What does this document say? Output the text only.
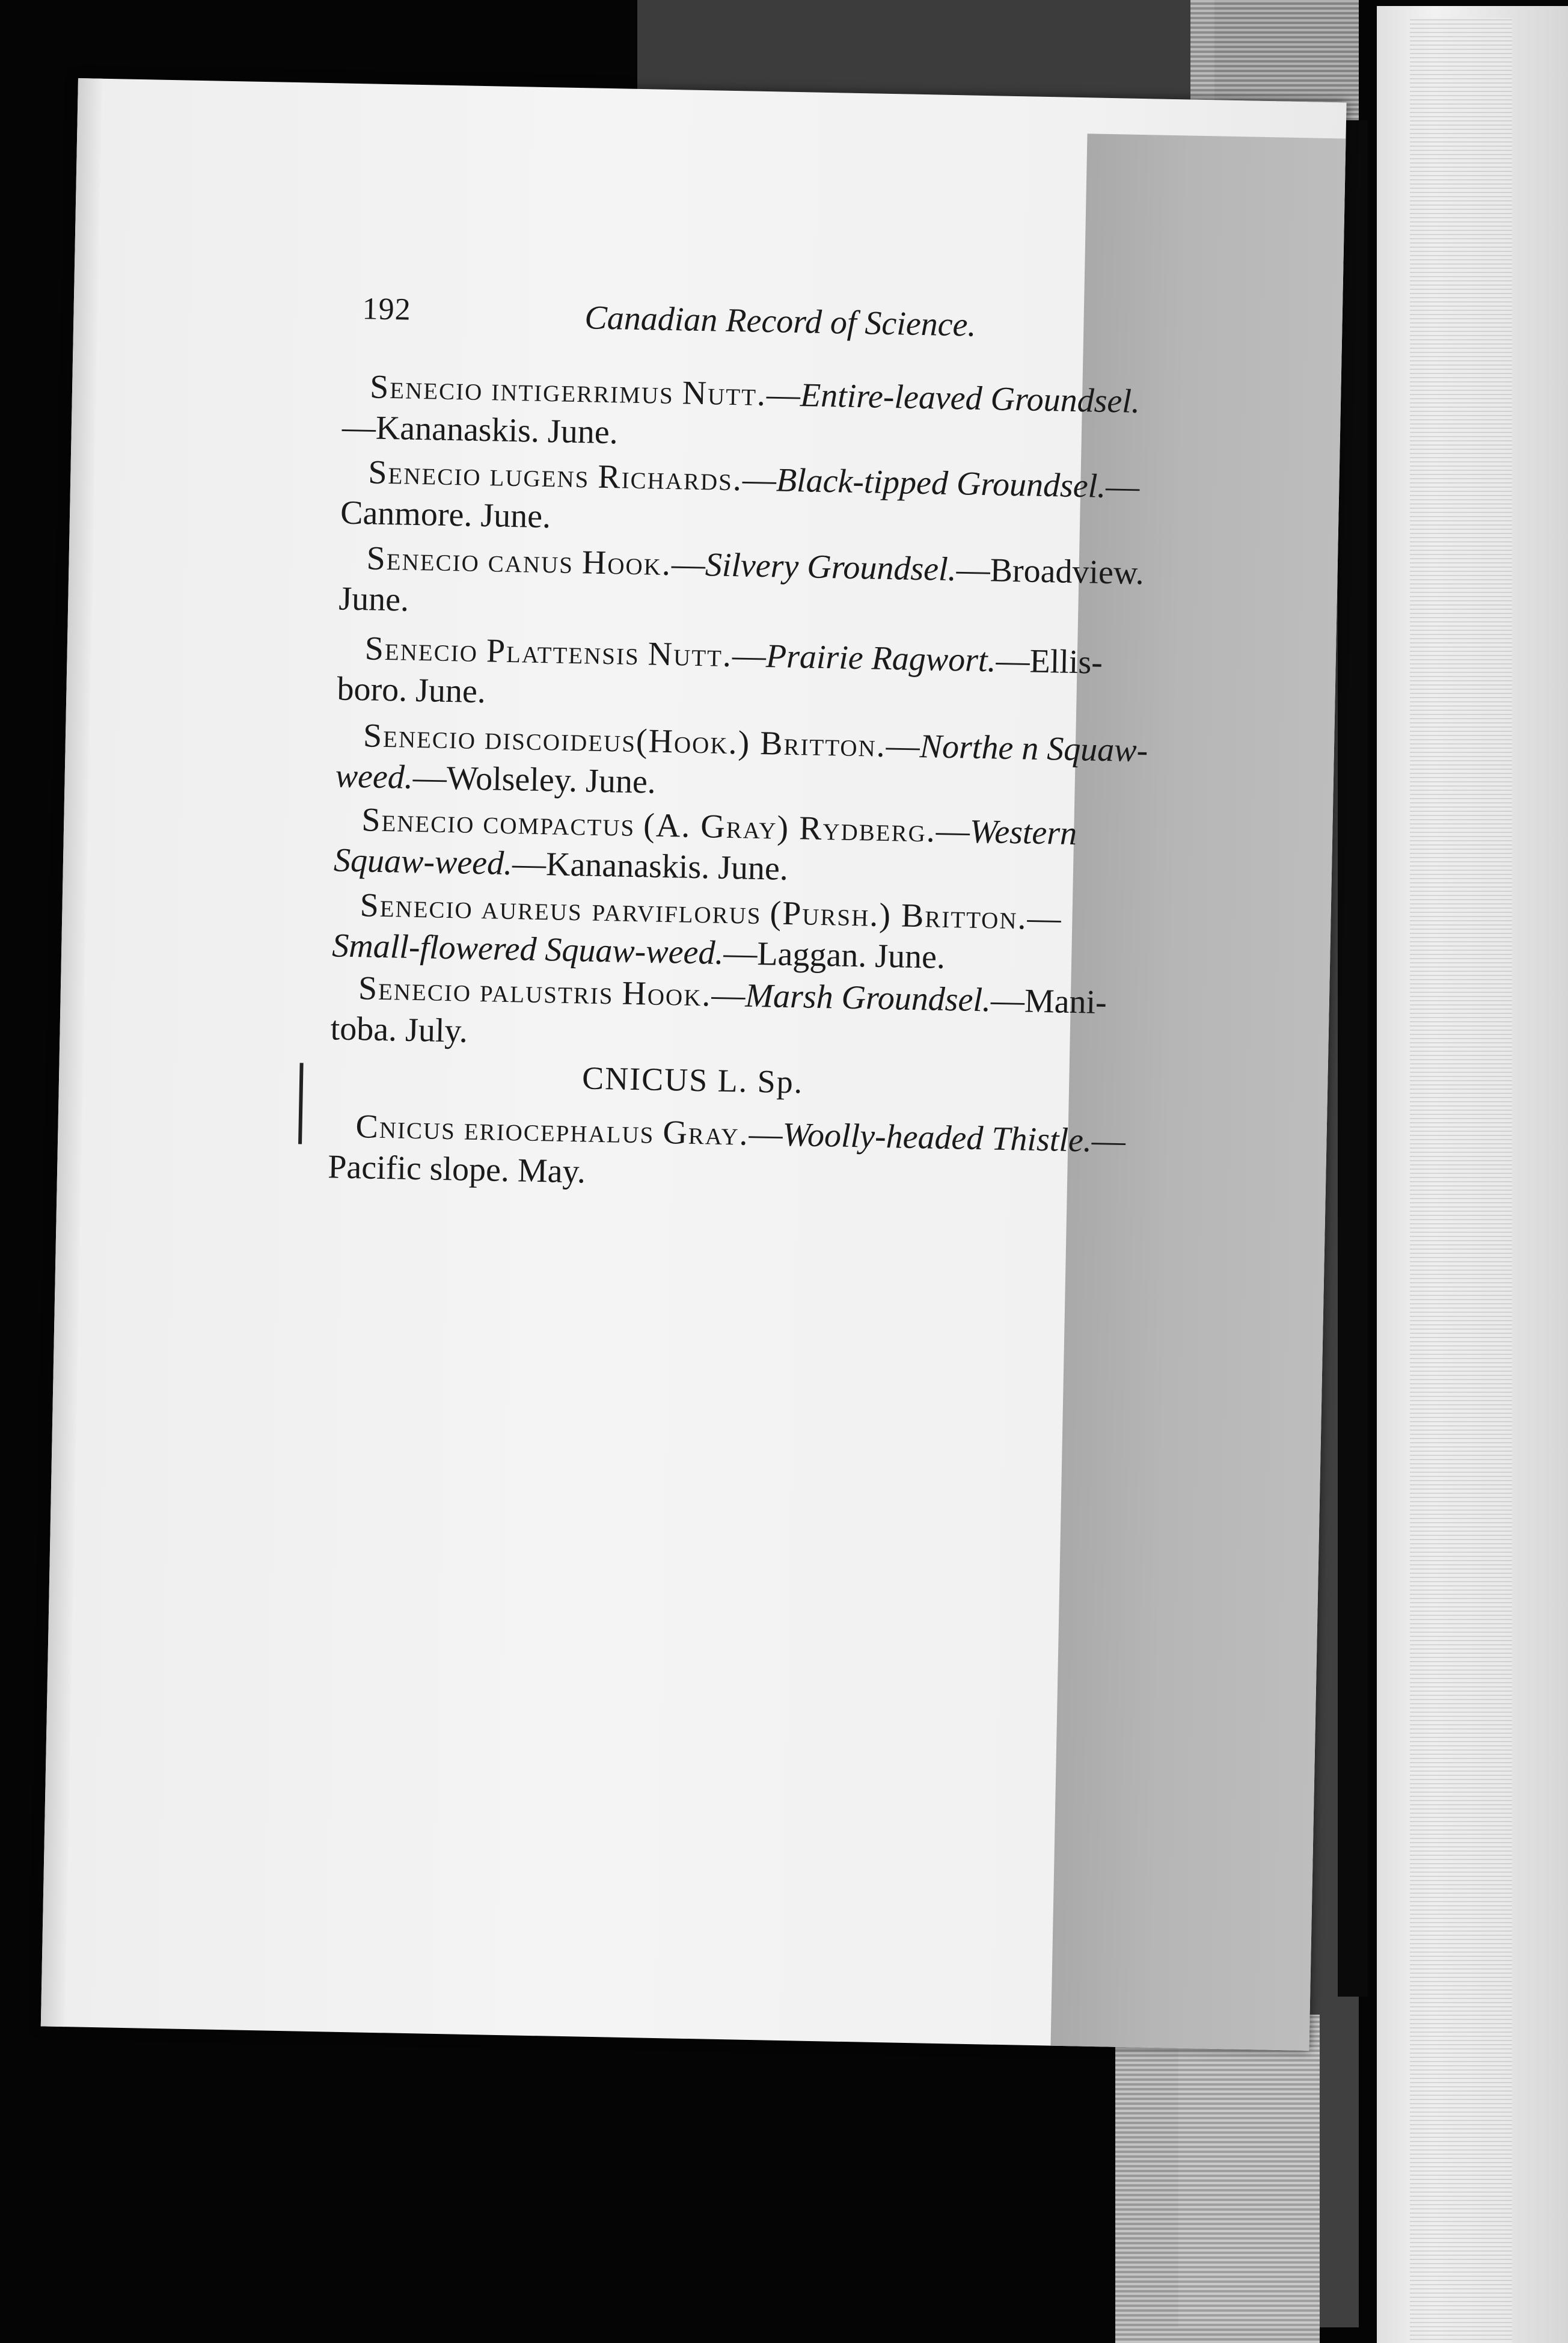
192	Canadian Record of Science.
Senecio intigerrimus Nutt.—Entire-leaved Groundsel.
—Kananaskis. June.
Senecio lugens Richards.—Black-tipped Groundsel.—
Canmore. June.
Senecio canus Hook.—Silvery Groundsel.—Broadview.
June.
Senecio Plattensis Nutt.—Prairie Ragwort.—Ellis-
boro. June.
Senecio discoideus(Hook.) Britton.—Northe n Squaw-
weed.—Wolseley. June.
Senecio compactus (A. Gray) Rydberg.—Western
Squaw-weed.—Kananaskis. June.
Senecio aureus parviflorus (Pursh.) Britton.—
Small-flowered Squaw-weed.—Laggan. June.
Senecio palustris Hook.—Marsh Groundsel.—Mani-
toba. July.
CNICUS L. Sp.
Cnicus eriocephalus Gray.—Woolly-headed Thistle.—
Pacific slope. May.
